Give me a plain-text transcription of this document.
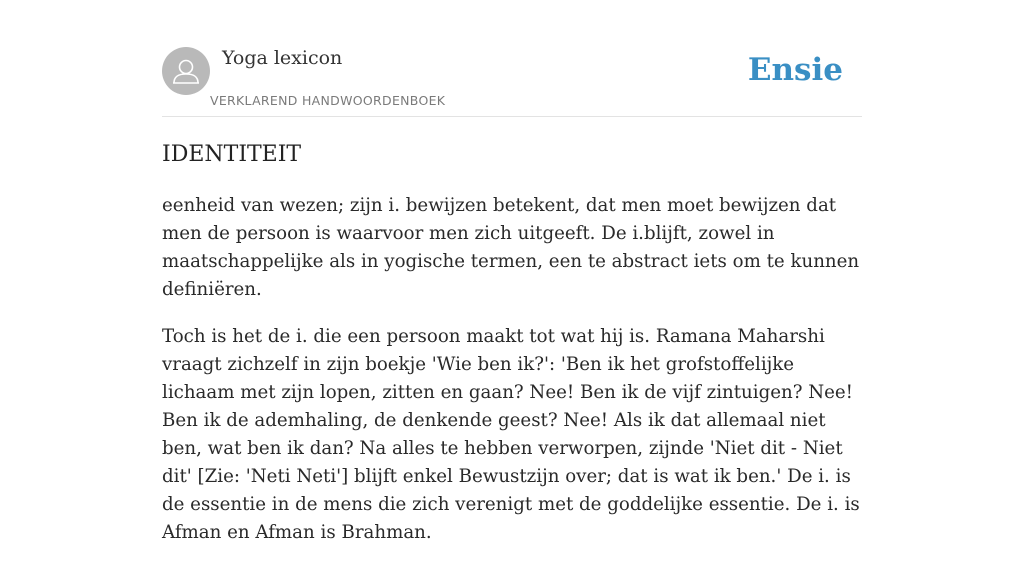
Yoga lexicon
VERKLAREND HANDWOORDENBOEK
Ensie
IDENTITEIT

eenheid van wezen; zijn i. bewijzen betekent, dat men moet bewijzen dat men de persoon is waarvoor men zich uitgeeft. De i.blijft, zowel in maatschappelijke als in yogische termen, een te abstract iets om te kunnen definiëren.

Toch is het de i. die een persoon maakt tot wat hij is. Ramana Maharshi vraagt zichzelf in zijn boekje 'Wie ben ik?': 'Ben ik het grofstoffelijke lichaam met zijn lopen, zitten en gaan? Nee! Ben ik de vijf zintuigen? Nee! Ben ik de ademhaling, de denkende geest? Nee! Als ik dat allemaal niet ben, wat ben ik dan? Na alles te hebben verworpen, zijnde 'Niet dit - Niet dit' [Zie: 'Neti Neti'] blijft enkel Bewustzijn over; dat is wat ik ben.' De i. is de essentie in de mens die zich verenigt met de goddelijke essentie. De i. is Afman en Afman is Brahman.
